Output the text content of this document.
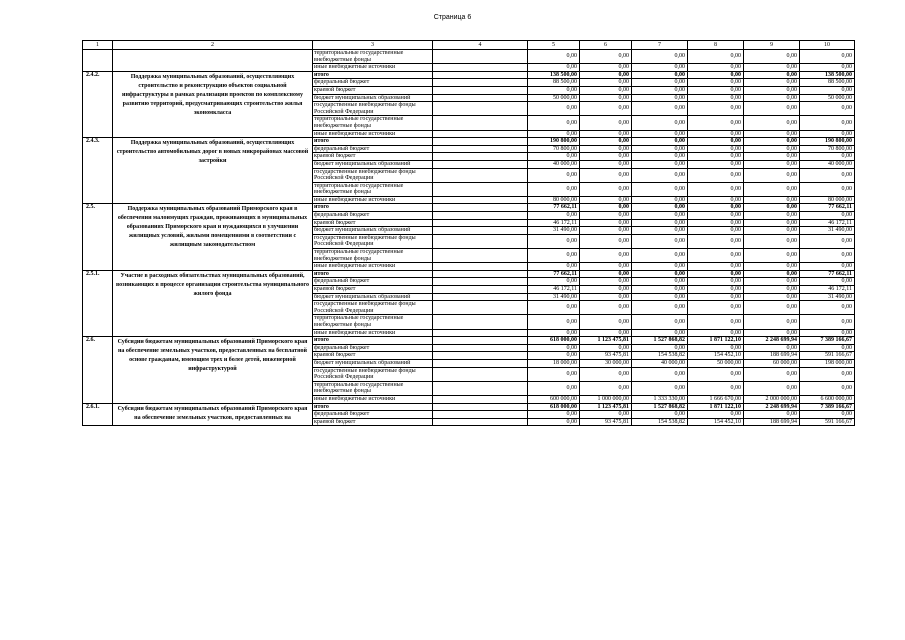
Страница 6
1	2	3	4	5	6	7	8	9	10
		территориальные государственные внебюджетные фонды		0,00	0,00	0,00	0,00	0,00	0,00
		иные внебюджетные источники		0,00	0,00	0,00	0,00	0,00	0,00
2.4.2.	Поддержка муниципальных образований, осуществляющих строительство и реконструкцию объектов социальной инфраструктуры в рамках реализации проектов по комплексному развитию территорий, предусматривающих строительство жилья экономкласса	итого		138 500,00	0,00	0,00	0,00	0,00	138 500,00
		федеральный бюджет		88 500,00	0,00	0,00	0,00	0,00	88 500,00
		краевой бюджет		0,00	0,00	0,00	0,00	0,00	0,00
		бюджет муниципальных образований		50 000,00	0,00	0,00	0,00	0,00	50 000,00
		государственные внебюджетные фонды Российской Федерации		0,00	0,00	0,00	0,00	0,00	0,00
		территориальные государственные внебюджетные фонды		0,00	0,00	0,00	0,00	0,00	0,00
		иные внебюджетные источники		0,00	0,00	0,00	0,00	0,00	0,00
2.4.3.	Поддержка муниципальных образований, осуществляющих строительство автомобильных дорог в новых микрорайонах массовой застройки	итого		190 800,00	0,00	0,00	0,00	0,00	190 800,00
		федеральный бюджет		70 800,00	0,00	0,00	0,00	0,00	70 800,00
		краевой бюджет		0,00	0,00	0,00	0,00	0,00	0,00
		бюджет муниципальных образований		40 000,00	0,00	0,00	0,00	0,00	40 000,00
		государственные внебюджетные фонды Российской Федерации		0,00	0,00	0,00	0,00	0,00	0,00
		территориальные государственные внебюджетные фонды		0,00	0,00	0,00	0,00	0,00	0,00
		иные внебюджетные источники		80 000,00	0,00	0,00	0,00	0,00	80 000,00
2.5.	Поддержка муниципальных образований Приморского края в обеспечении малоимущих граждан, проживающих в муниципальных образованиях Приморского края и нуждающихся в улучшении жилищных условий, жилыми помещениями в соответствии с жилищным законодательством	итого		77 662,11	0,00	0,00	0,00	0,00	77 662,11
		федеральный бюджет		0,00	0,00	0,00	0,00	0,00	0,00
		краевой бюджет		46 172,11	0,00	0,00	0,00	0,00	46 172,11
		бюджет муниципальных образований		31 490,00	0,00	0,00	0,00	0,00	31 490,00
		государственные внебюджетные фонды Российской Федерации		0,00	0,00	0,00	0,00	0,00	0,00
		территориальные государственные внебюджетные фонды		0,00	0,00	0,00	0,00	0,00	0,00
		иные внебюджетные источники		0,00	0,00	0,00	0,00	0,00	0,00
2.5.1.	Участие в расходных обязательствах муниципальных образований, возникающих в процессе организации строительства муниципального жилого фонда	итого		77 662,11	0,00	0,00	0,00	0,00	77 662,11
		федеральный бюджет		0,00	0,00	0,00	0,00	0,00	0,00
		краевой бюджет		46 172,11	0,00	0,00	0,00	0,00	46 172,11
		бюджет муниципальных образований		31 490,00	0,00	0,00	0,00	0,00	31 490,00
		государственные внебюджетные фонды Российской Федерации		0,00	0,00	0,00	0,00	0,00	0,00
		территориальные государственные внебюджетные фонды		0,00	0,00	0,00	0,00	0,00	0,00
		иные внебюджетные источники		0,00	0,00	0,00	0,00	0,00	0,00
2.6.	Субсидии бюджетам муниципальных образований Приморского края на обеспечение земельных участков, предоставленных на бесплатной основе гражданам, имеющим трех и более детей, инженерной инфраструктурой	итого		618 000,00	1 123 475,81	1 527 868,82	1 871 122,10	2 248 699,94	7 389 166,67
		федеральный бюджет		0,00	0,00	0,00	0,00	0,00	0,00
		краевой бюджет		0,00	93 475,81	154 538,82	154 452,10	188 699,94	591 166,67
		бюджет муниципальных образований		18 000,00	30 000,00	40 000,00	50 000,00	60 000,00	198 000,00
		государственные внебюджетные фонды Российской Федерации		0,00	0,00	0,00	0,00	0,00	0,00
		территориальные государственные внебюджетные фонды		0,00	0,00	0,00	0,00	0,00	0,00
		иные внебюджетные источники		600 000,00	1 000 000,00	1 333 330,00	1 666 670,00	2 000 000,00	6 600 000,00
2.6.1.	Субсидии бюджетам муниципальных образований Приморского края на обеспечение земельных участков, предоставленных на	итого		618 000,00	1 123 475,81	1 527 868,82	1 871 122,10	2 248 699,94	7 389 166,67
		федеральный бюджет		0,00	0,00	0,00	0,00	0,00	0,00
		краевой бюджет		0,00	93 475,81	154 538,82	154 452,10	188 699,94	591 166,67
